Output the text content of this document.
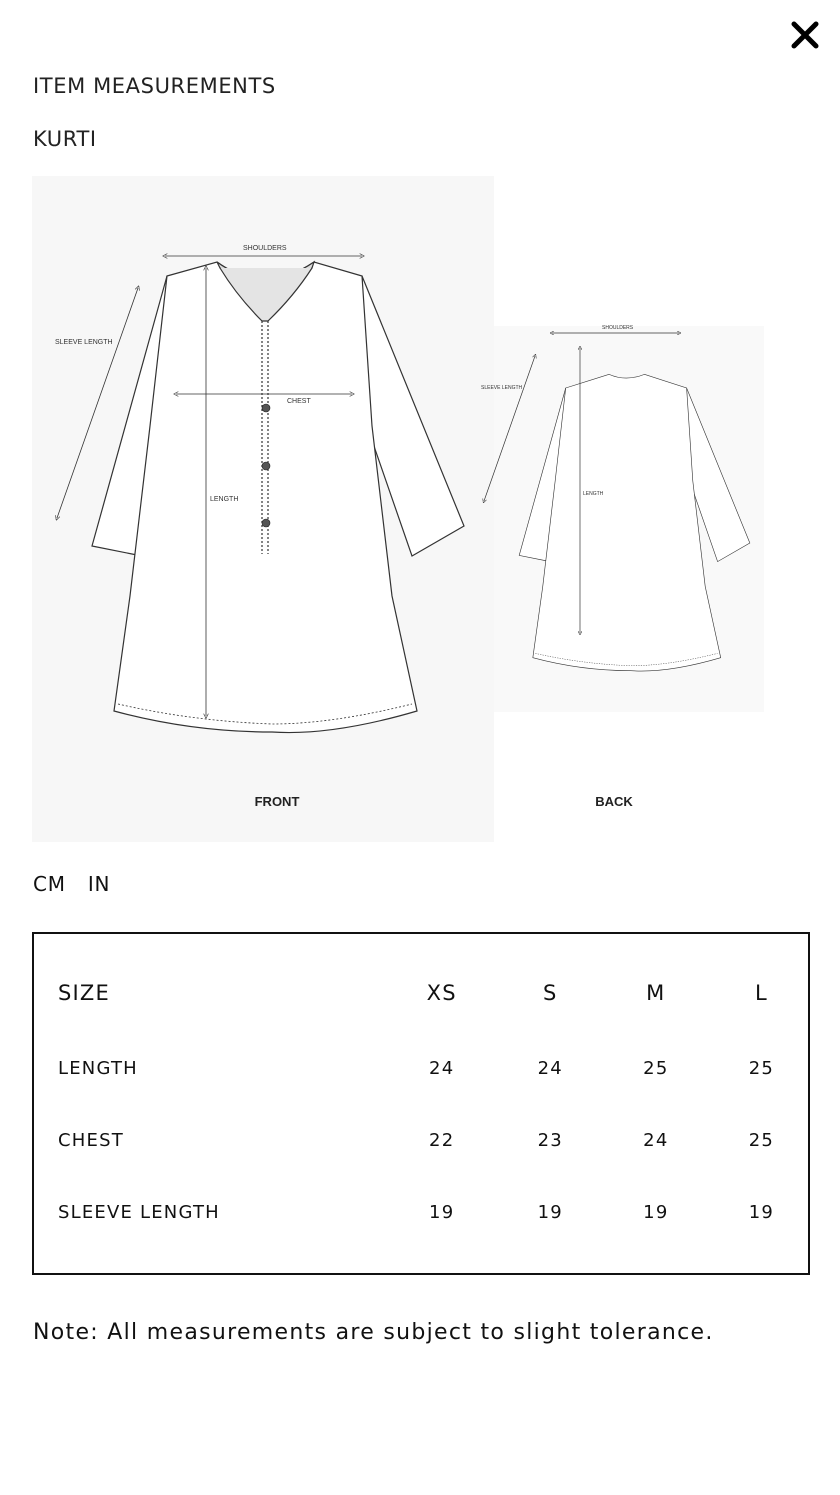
ITEM MEASUREMENTS
KURTI
SHOULDERS
SLEEVE LENGTH
CHEST
LENGTH
SHOULDERS
SLEEVE LENGTH
LENGTH
FRONT	BACK
CM IN
SIZE	XS	S	M	L
LENGTH	24	24	25	25
CHEST	22	23	24	25
SLEEVE LENGTH	19	19	19	19
Note: All measurements are subject to slight tolerance.
